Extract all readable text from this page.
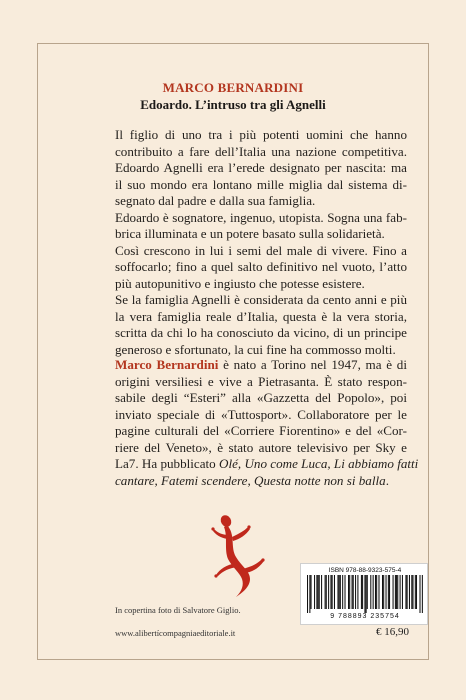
MARCO BERNARDINI
Edoardo. L’intruso tra gli Agnelli
Il figlio di uno tra i più potenti uomini che hanno
contribuito a fare dell’Italia una nazione competitiva.
Edoardo Agnelli era l’erede designato per nascita: ma
il suo mondo era lontano mille miglia dal sistema di-
segnato dal padre e dalla sua famiglia.
Edoardo è sognatore, ingenuo, utopista. Sogna una fab-
brica illuminata e un potere basato sulla solidarietà.
Così crescono in lui i semi del male di vivere. Fino a
soffocarlo; fino a quel salto definitivo nel vuoto, l’atto
più autopunitivo e ingiusto che potesse esistere.
Se la famiglia Agnelli è considerata da cento anni e più
la vera famiglia reale d’Italia, questa è la vera storia,
scritta da chi lo ha conosciuto da vicino, di un principe
generoso e sfortunato, la cui fine ha commosso molti.
Marco Bernardini è nato a Torino nel 1947, ma è di
origini versiliesi e vive a Pietrasanta. È stato respon-
sabile degli “Esteri” alla «Gazzetta del Popolo», poi
inviato speciale di «Tuttosport». Collaboratore per le
pagine culturali del «Corriere Fiorentino» e del «Cor-
riere del Veneto», è stato autore televisivo per Sky e
La7. Ha pubblicato Olé, Uno come Luca, Li abbiamo fatti
cantare, Fatemi scendere, Questa notte non si balla.
ISBN 978-88-9323-575-4
9 788893 235754
In copertina foto di Salvatore Giglio.
www.alibertícompagniaeditoriale.it	€ 16,90
